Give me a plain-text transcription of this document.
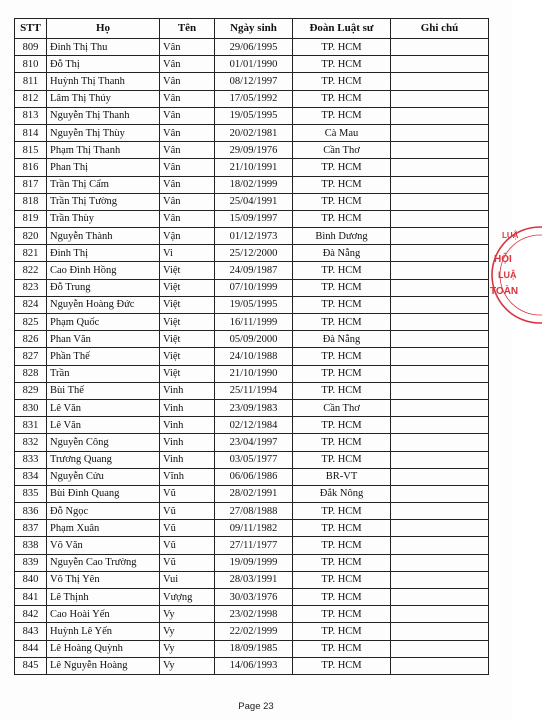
STT	Họ	Tên	Ngày sinh	Đoàn Luật sư	Ghi chú
809	Đinh Thị Thu	Vân	29/06/1995	TP. HCM	
810	Đỗ Thị	Vân	01/01/1990	TP. HCM	
811	Huỳnh Thị Thanh	Vân	08/12/1997	TP. HCM	
812	Lâm Thị Thúy	Vân	17/05/1992	TP. HCM	
813	Nguyễn Thị Thanh	Vân	19/05/1995	TP. HCM	
814	Nguyễn Thị Thùy	Vân	20/02/1981	Cà Mau	
815	Phạm Thị Thanh	Vân	29/09/1976	Cần Thơ	
816	Phan Thị	Vân	21/10/1991	TP. HCM	
817	Trần Thị Cẩm	Vân	18/02/1999	TP. HCM	
818	Trần Thị Tường	Vân	25/04/1991	TP. HCM	
819	Trần Thùy	Vân	15/09/1997	TP. HCM	
820	Nguyễn Thành	Vận	01/12/1973	Bình Dương	
821	Đinh Thị	Vi	25/12/2000	Đà Nẵng	
822	Cao Đình Hồng	Việt	24/09/1987	TP. HCM	
823	Đỗ Trung	Việt	07/10/1999	TP. HCM	
824	Nguyễn Hoàng Đức	Việt	19/05/1995	TP. HCM	
825	Phạm Quốc	Việt	16/11/1999	TP. HCM	
826	Phan Văn	Việt	05/09/2000	Đà Nẵng	
827	Phần Thế	Việt	24/10/1988	TP. HCM	
828	Trần	Việt	21/10/1990	TP. HCM	
829	Bùi Thế	Vinh	25/11/1994	TP. HCM	
830	Lê Văn	Vinh	23/09/1983	Cần Thơ	
831	Lê Văn	Vinh	02/12/1984	TP. HCM	
832	Nguyễn Công	Vinh	23/04/1997	TP. HCM	
833	Trương Quang	Vinh	03/05/1977	TP. HCM	
834	Nguyễn Cửu	Vĩnh	06/06/1986	BR-VT	
835	Bùi Đình Quang	Vũ	28/02/1991	Đắk Nông	
836	Đỗ Ngọc	Vũ	27/08/1988	TP. HCM	
837	Phạm Xuân	Vũ	09/11/1982	TP. HCM	
838	Võ Văn	Vũ	27/11/1977	TP. HCM	
839	Nguyễn Cao Trường	Vũ	19/09/1999	TP. HCM	
840	Võ Thị Yên	Vui	28/03/1991	TP. HCM	
841	Lê Thịnh	Vượng	30/03/1976	TP. HCM	
842	Cao Hoài Yến	Vy	23/02/1998	TP. HCM	
843	Huỳnh Lê Yến	Vy	22/02/1999	TP. HCM	
844	Lê Hoàng Quỳnh	Vy	18/09/1985	TP. HCM	
845	Lê Nguyễn Hoàng	Vy	14/06/1993	TP. HCM	
LUẬ
HỘI
LUẬ
TOÀN
Page 23
